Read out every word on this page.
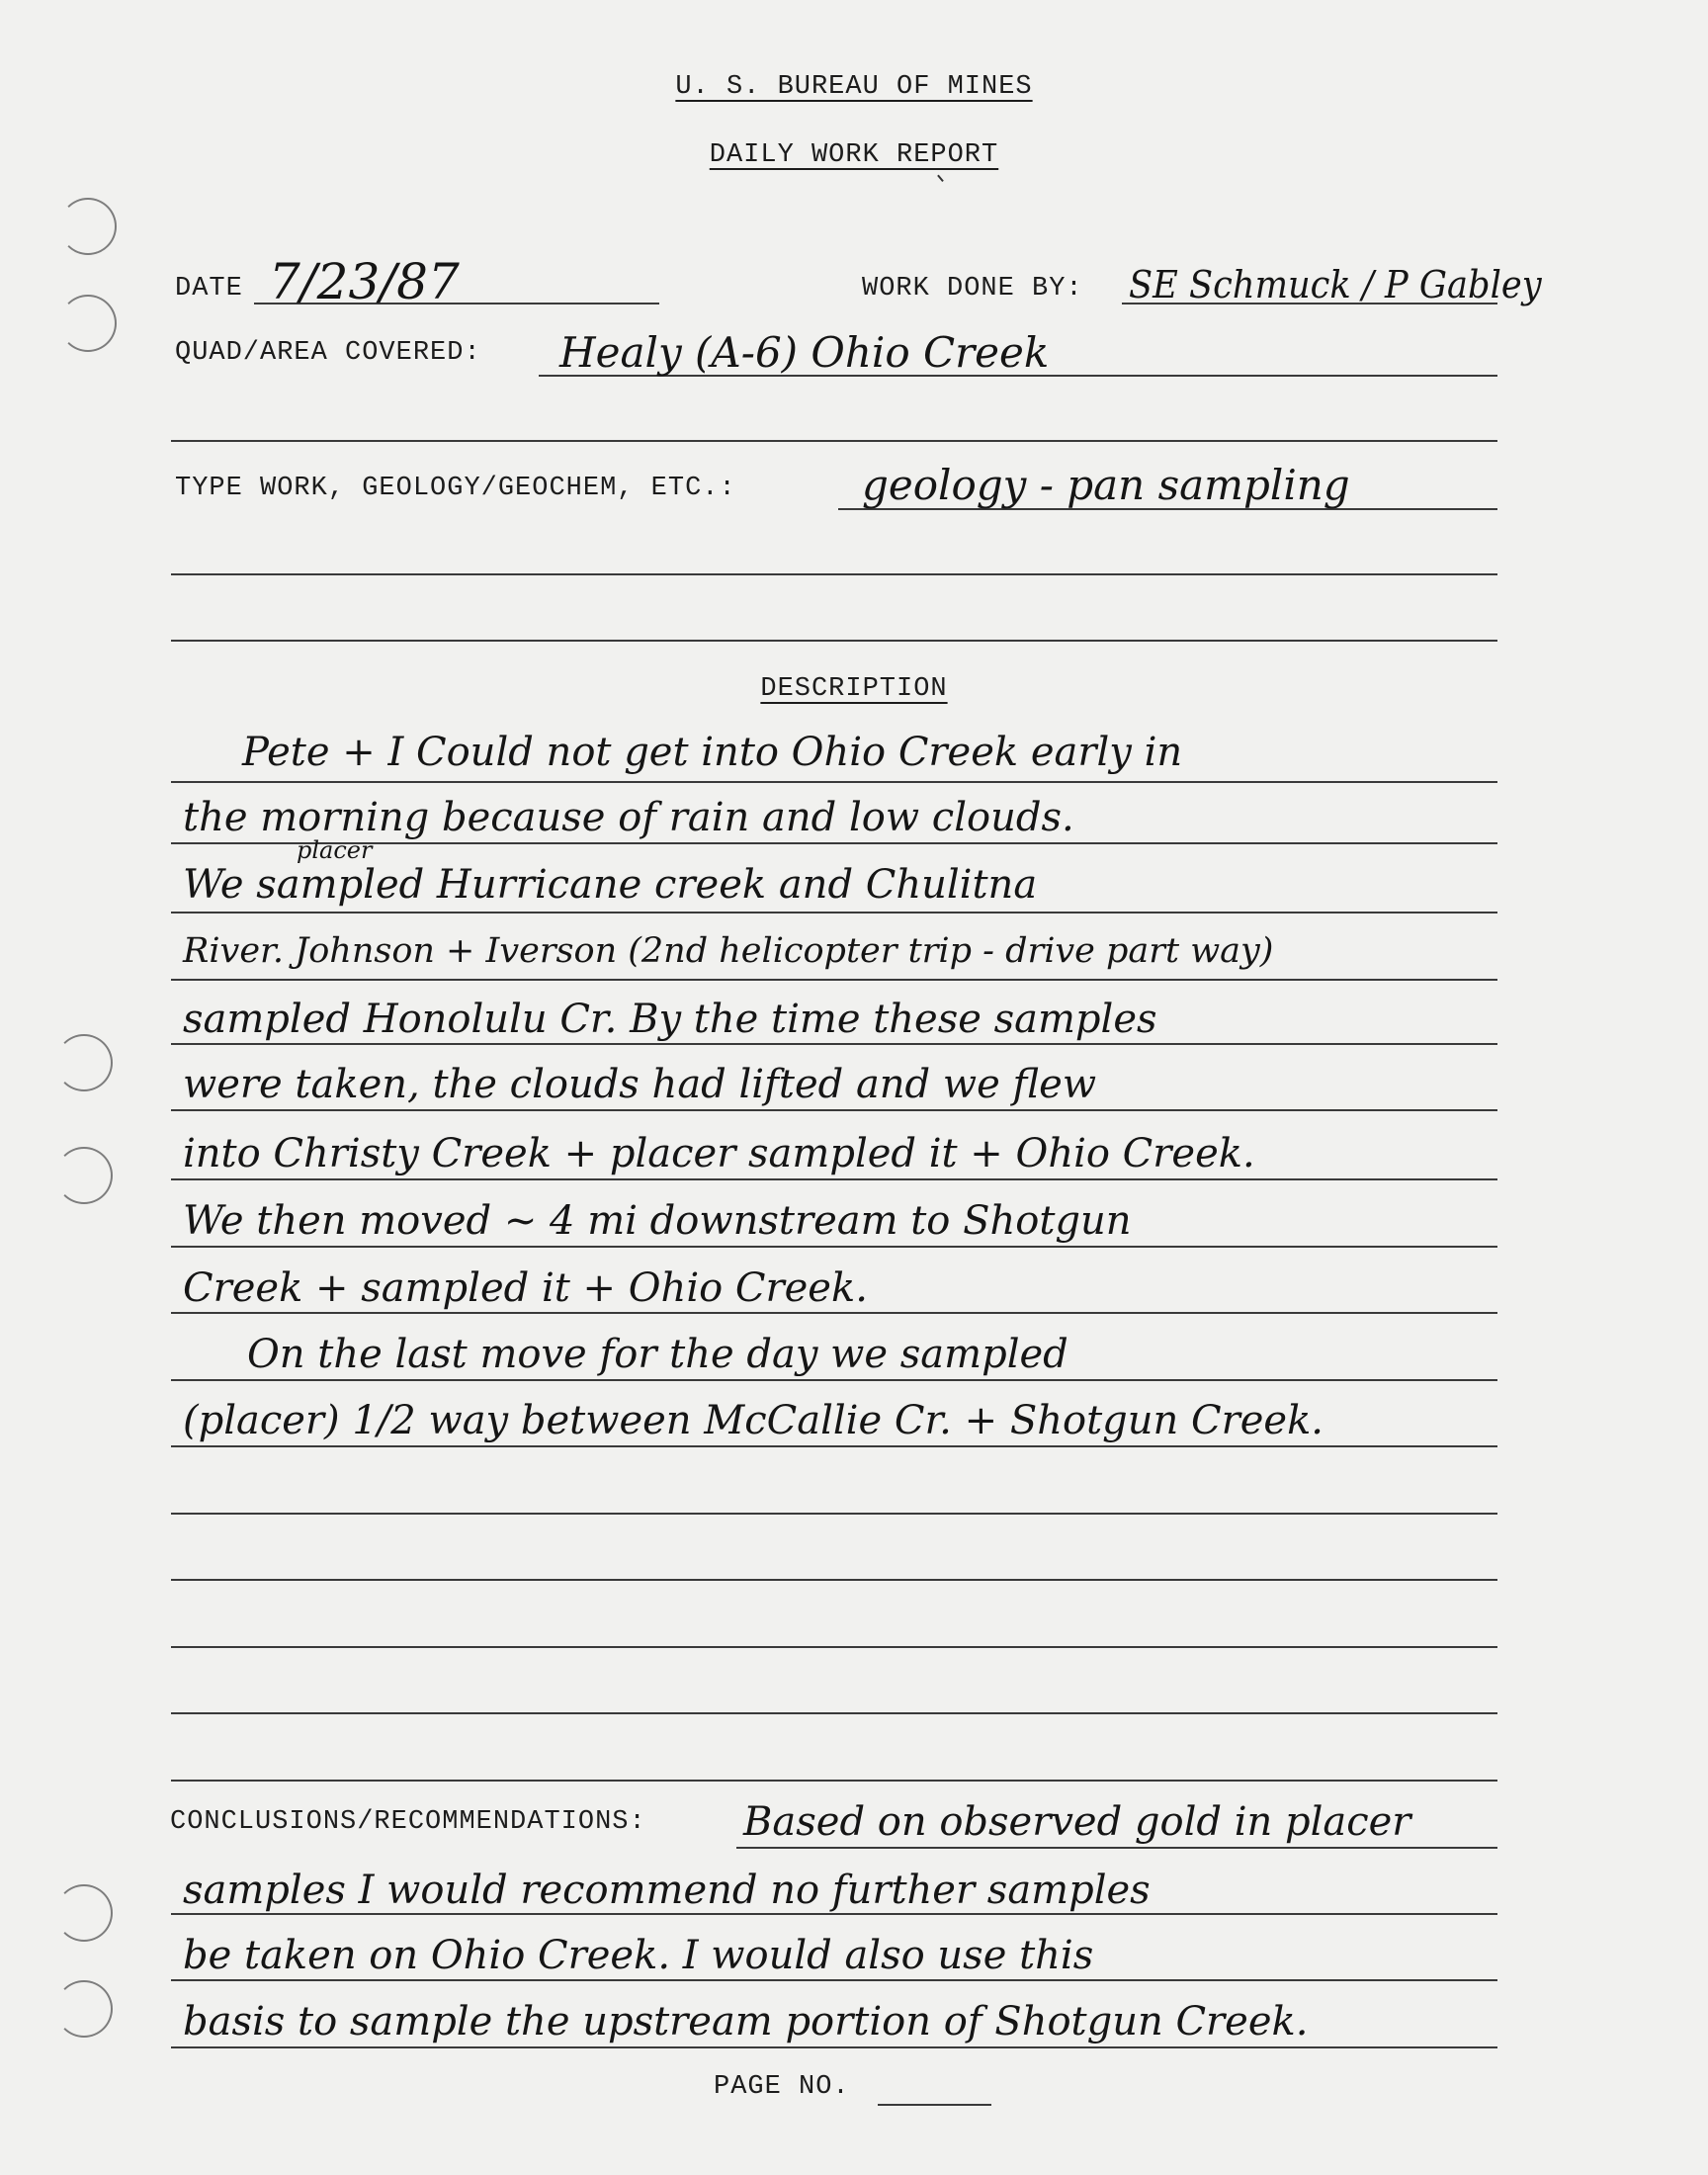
U. S. BUREAU OF MINES
DAILY WORK REPORT
DATE 7/23/87	WORK DONE BY: SE Schmuck / P Gabley
QUAD/AREA COVERED: Healy (A-6) Ohio Creek
TYPE WORK, GEOLOGY/GEOCHEM, ETC.:	geology - pan sampling
DESCRIPTION
Pete + I Could not get into Ohio Creek early in
the morning because of rain and low clouds.
placer
We sampled Hurricane creek and Chulitna
River. Johnson + Iverson (2nd helicopter trip - drive part way)
sampled Honolulu Cr. By the time these samples
were taken, the clouds had lifted and we flew
into Christy Creek + placer sampled it + Ohio Creek.
We then moved ~ 4 mi downstream to Shotgun
Creek + sampled it + Ohio Creek.
On the last move for the day we sampled
(placer) 1/2 way between McCallie Cr. + Shotgun Creek.
CONCLUSIONS/RECOMMENDATIONS: Based on observed gold in placer
samples I would recommend no further samples
be taken on Ohio Creek. I would also use this
basis to sample the upstream portion of Shotgun Creek.
PAGE NO.
